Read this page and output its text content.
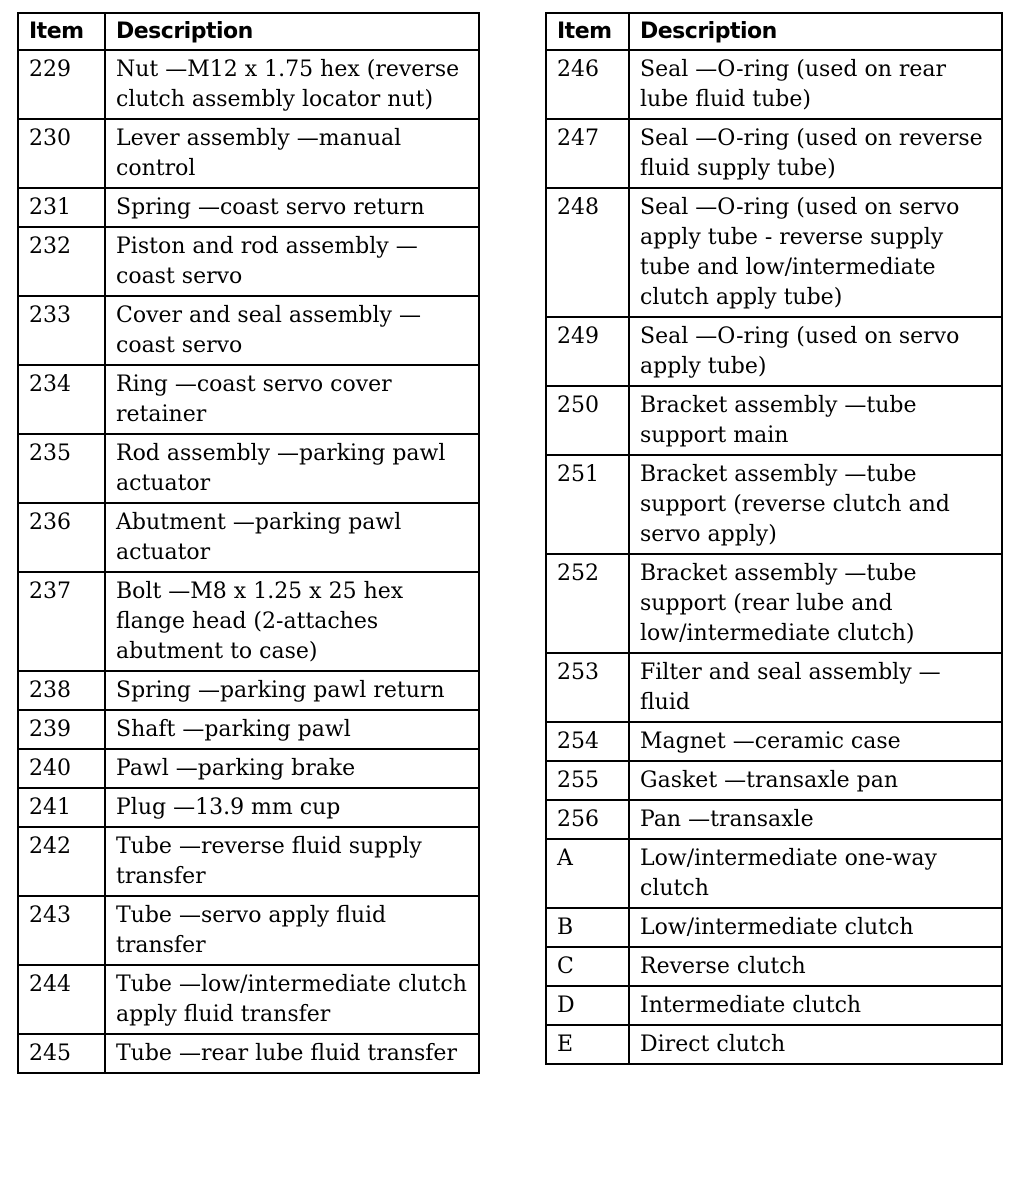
Item	Description
229	Nut —M12 x 1.75 hex (reverse clutch assembly locator nut)
230	Lever assembly —manual control
231	Spring —coast servo return
232	Piston and rod assembly — coast servo
233	Cover and seal assembly — coast servo
234	Ring —coast servo cover retainer
235	Rod assembly —parking pawl actuator
236	Abutment —parking pawl actuator
237	Bolt —M8 x 1.25 x 25 hex flange head (2-attaches abutment to case)
238	Spring —parking pawl return
239	Shaft —parking pawl
240	Pawl —parking brake
241	Plug —13.9 mm cup
242	Tube —reverse fluid supply transfer
243	Tube —servo apply fluid transfer
244	Tube —low/intermediate clutch apply fluid transfer
245	Tube —rear lube fluid transfer
Item	Description
246	Seal —O-ring (used on rear lube fluid tube)
247	Seal —O-ring (used on reverse fluid supply tube)
248	Seal —O-ring (used on servo apply tube - reverse supply tube and low/intermediate clutch apply tube)
249	Seal —O-ring (used on servo apply tube)
250	Bracket assembly —tube support main
251	Bracket assembly —tube support (reverse clutch and servo apply)
252	Bracket assembly —tube support (rear lube and low/intermediate clutch)
253	Filter and seal assembly — fluid
254	Magnet —ceramic case
255	Gasket —transaxle pan
256	Pan —transaxle
A	Low/intermediate one-way clutch
B	Low/intermediate clutch
C	Reverse clutch
D	Intermediate clutch
E	Direct clutch
